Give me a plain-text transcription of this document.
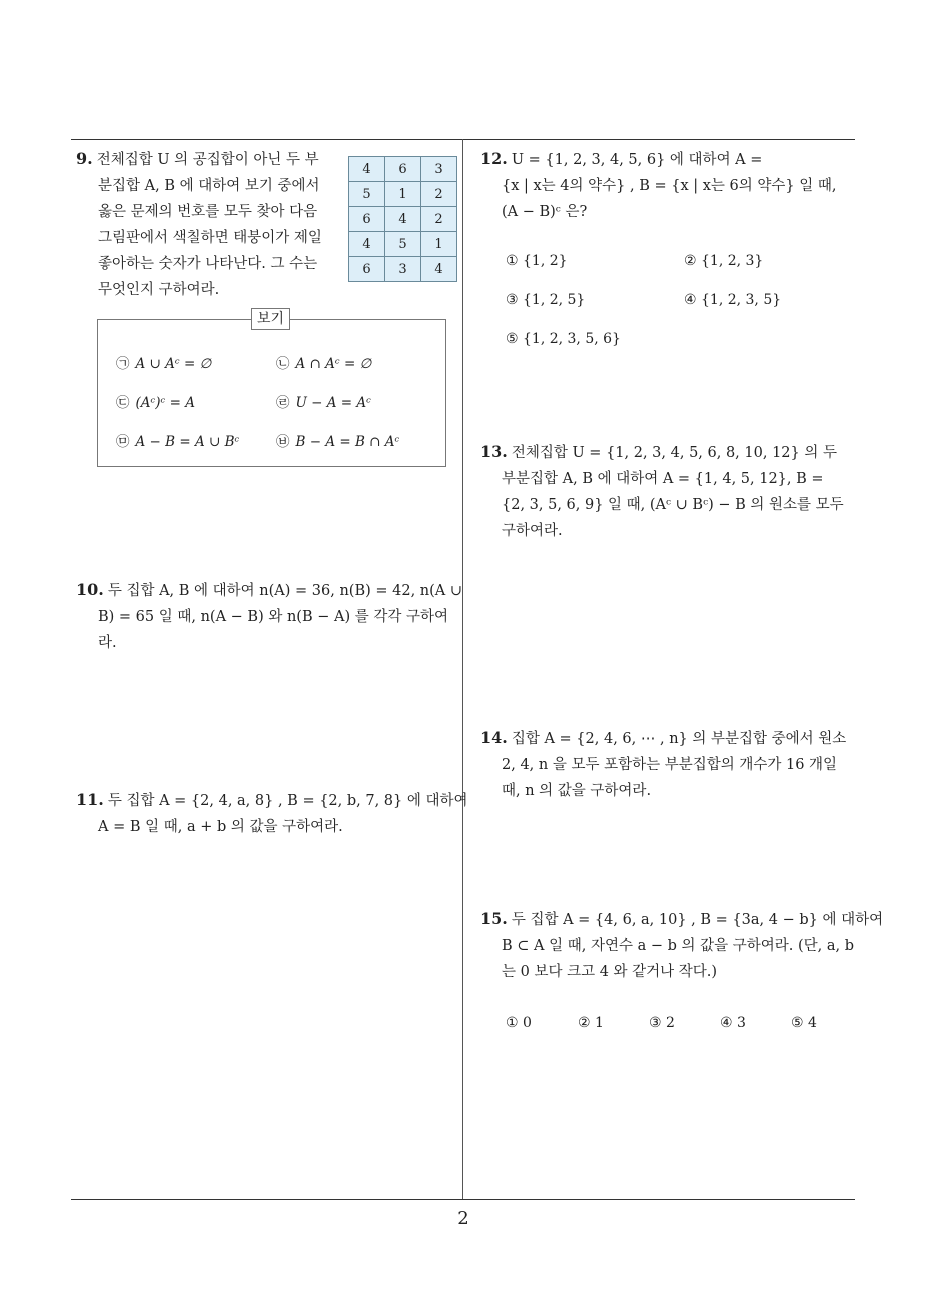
9. 전체집합 U 의 공집합이 아닌 두 부
분집합 A, B 에 대하여 보기 중에서
옳은 문제의 번호를 모두 찾아 다음
그림판에서 색칠하면 태붕이가 제일
좋아하는 숫자가 나타난다. 그 수는
무엇인지 구하여라.
4	6	3
5	1	2
6	4	2
4	5	1
6	3	4
보기
㉠ A ∪ Aᶜ = ∅	㉡ A ∩ Aᶜ = ∅
㉢ (Aᶜ)ᶜ = A	㉣ U − A = Aᶜ
㉤ A − B = A ∪ Bᶜ	㉥ B − A = B ∩ Aᶜ
10. 두 집합 A, B 에 대하여 n(A) = 36, n(B) = 42, n(A ∪
B) = 65 일 때, n(A − B) 와 n(B − A) 를 각각 구하여
라.
11. 두 집합 A = {2, 4, a, 8} , B = {2, b, 7, 8} 에 대하여
A = B 일 때, a + b 의 값을 구하여라.
12. U = {1, 2, 3, 4, 5, 6} 에 대하여 A =
{x | x는 4의 약수} , B = {x | x는 6의 약수} 일 때,
(A − B)ᶜ 은?
① {1, 2}	② {1, 2, 3}
③ {1, 2, 5}	④ {1, 2, 3, 5}
⑤ {1, 2, 3, 5, 6}
13. 전체집합 U = {1, 2, 3, 4, 5, 6, 8, 10, 12} 의 두
부분집합 A, B 에 대하여 A = {1, 4, 5, 12}, B =
{2, 3, 5, 6, 9} 일 때, (Aᶜ ∪ Bᶜ) − B 의 원소를 모두
구하여라.
14. 집합 A = {2, 4, 6, ⋯ , n} 의 부분집합 중에서 원소
2, 4, n 을 모두 포함하는 부분집합의 개수가 16 개일
때, n 의 값을 구하여라.
15. 두 집합 A = {4, 6, a, 10} , B = {3a, 4 − b} 에 대하여
B ⊂ A 일 때, 자연수 a − b 의 값을 구하여라. (단, a, b
는 0 보다 크고 4 와 같거나 작다.)
① 0	② 1	③ 2	④ 3	⑤ 4
2
